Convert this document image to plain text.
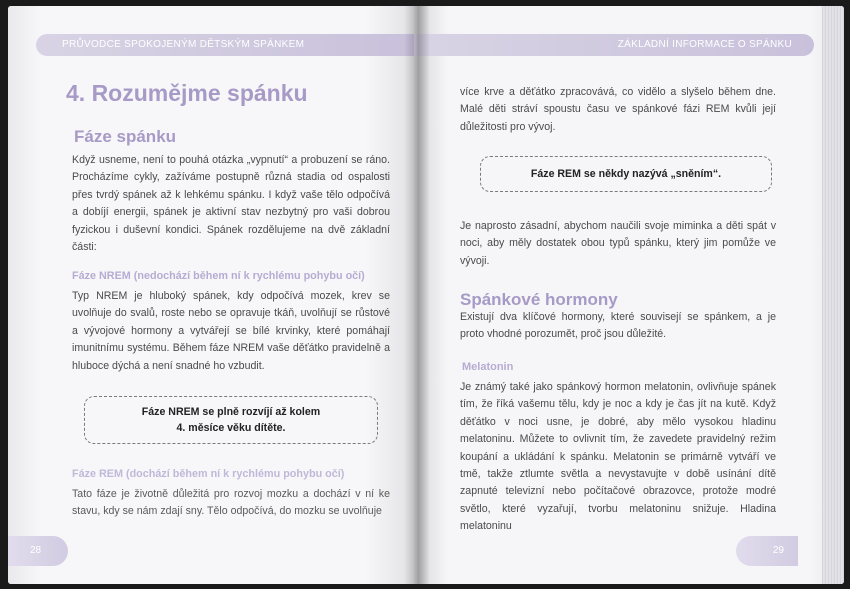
PRŮVODCE SPOKOJENÝM DĚTSKÝM SPÁNKEM
4. Rozumějme spánku
Fáze spánku

Když usneme, není to pouhá otázka „vypnutí“ a probuzení se ráno. Procházíme cykly, zažíváme postupně různá stadia od ospalosti přes tvrdý spánek až k lehkému spánku. I když vaše tělo odpočívá a dobíjí energii, spánek je aktivní stav nezbytný pro vaši dobrou fyzickou i duševní kondici. Spánek rozdělujeme na dvě základní části:

Fáze NREM (nedochází během ní k rychlému pohybu očí)

Typ NREM je hluboký spánek, kdy odpočívá mozek, krev se uvolňuje do svalů, roste nebo se opravuje tkáň, uvolňují se růstové a vývojové hormony a vytvářejí se bílé krvinky, které pomáhají imunitnímu systému. Během fáze NREM vaše děťátko pravidelně a hluboce dýchá a není snadné ho vzbudit.

Fáze NREM se plně rozvíjí až kolem
4. měsíce věku dítěte.
Fáze REM (dochází během ní k rychlému pohybu očí)

Tato fáze je životně důležitá pro rozvoj mozku a dochází v ní ke stavu, kdy se nám zdají sny. Tělo odpočívá, do mozku se uvolňuje

28
ZÁKLADNÍ INFORMACE O SPÁNKU

více krve a děťátko zpracovává, co vidělo a slyšelo během dne. Malé děti stráví spoustu času ve spánkové fázi REM kvůli její důležitosti pro vývoj.

Fáze REM se někdy nazývá „sněním“.

Je naprosto zásadní, abychom naučili svoje miminka a děti spát v noci, aby měly dostatek obou typů spánku, který jim pomůže ve vývoji.

Spánkové hormony

Existují dva klíčové hormony, které souvisejí se spánkem, a je proto vhodné porozumět, proč jsou důležité.

Melatonin

Je známý také jako spánkový hormon melatonin, ovlivňuje spánek tím, že říká vašemu tělu, kdy je noc a kdy je čas jít na kutě. Když děťátko v noci usne, je dobré, aby mělo vysokou hladinu melatoninu. Můžete to ovlivnit tím, že zavedete pravidelný režim koupání a ukládání k spánku. Melatonin se primárně vytváří ve tmě, takže ztlumte světla a nevystavujte v době usínání dítě zapnuté televizní nebo počítačové obrazovce, protože modré světlo, které vyzařují, tvorbu melatoninu snižuje. Hladina melatoninu

29
